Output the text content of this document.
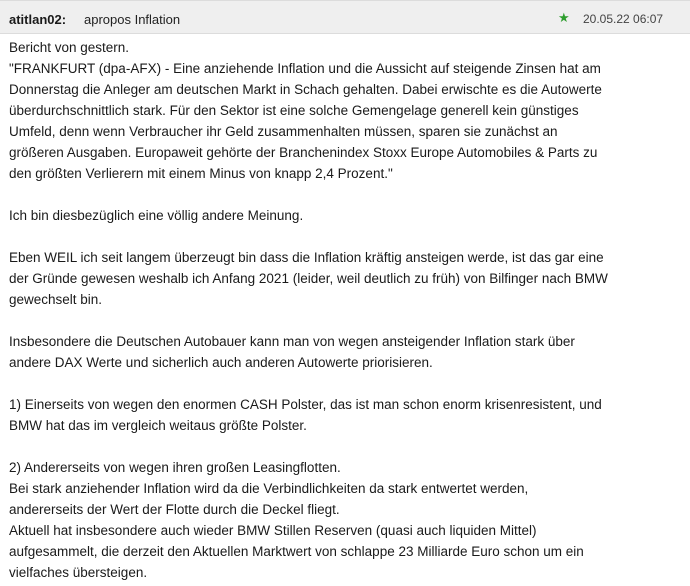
atitlan02: apropos Inflation	★ 20.05.22 06:07

Bericht von gestern.
"FRANKFURT (dpa-AFX) - Eine anziehende Inflation und die Aussicht auf steigende Zinsen hat am
Donnerstag die Anleger am deutschen Markt in Schach gehalten. Dabei erwischte es die Autowerte
überdurchschnittlich stark. Für den Sektor ist eine solche Gemengelage generell kein günstiges
Umfeld, denn wenn Verbraucher ihr Geld zusammenhalten müssen, sparen sie zunächst an
größeren Ausgaben. Europaweit gehörte der Branchenindex Stoxx Europe Automobiles & Parts zu
den größten Verlierern mit einem Minus von knapp 2,4 Prozent."

Ich bin diesbezüglich eine völlig andere Meinung.

Eben WEIL ich seit langem überzeugt bin dass die Inflation kräftig ansteigen werde, ist das gar eine
der Gründe gewesen weshalb ich Anfang 2021 (leider, weil deutlich zu früh) von Bilfinger nach BMW
gewechselt bin.

Insbesondere die Deutschen Autobauer kann man von wegen ansteigender Inflation stark über
andere DAX Werte und sicherlich auch anderen Autowerte priorisieren.

1) Einerseits von wegen den enormen CASH Polster, das ist man schon enorm krisenresistent, und
BMW hat das im vergleich weitaus größte Polster.

2) Andererseits von wegen ihren großen Leasingflotten.
Bei stark anziehender Inflation wird da die Verbindlichkeiten da stark entwertet werden,
andererseits der Wert der Flotte durch die Deckel fliegt.
Aktuell hat insbesondere auch wieder BMW Stillen Reserven (quasi auch liquiden Mittel)
aufgesammelt, die derzeit den Aktuellen Marktwert von schlappe 23 Milliarde Euro schon um ein
vielfaches übersteigen.
